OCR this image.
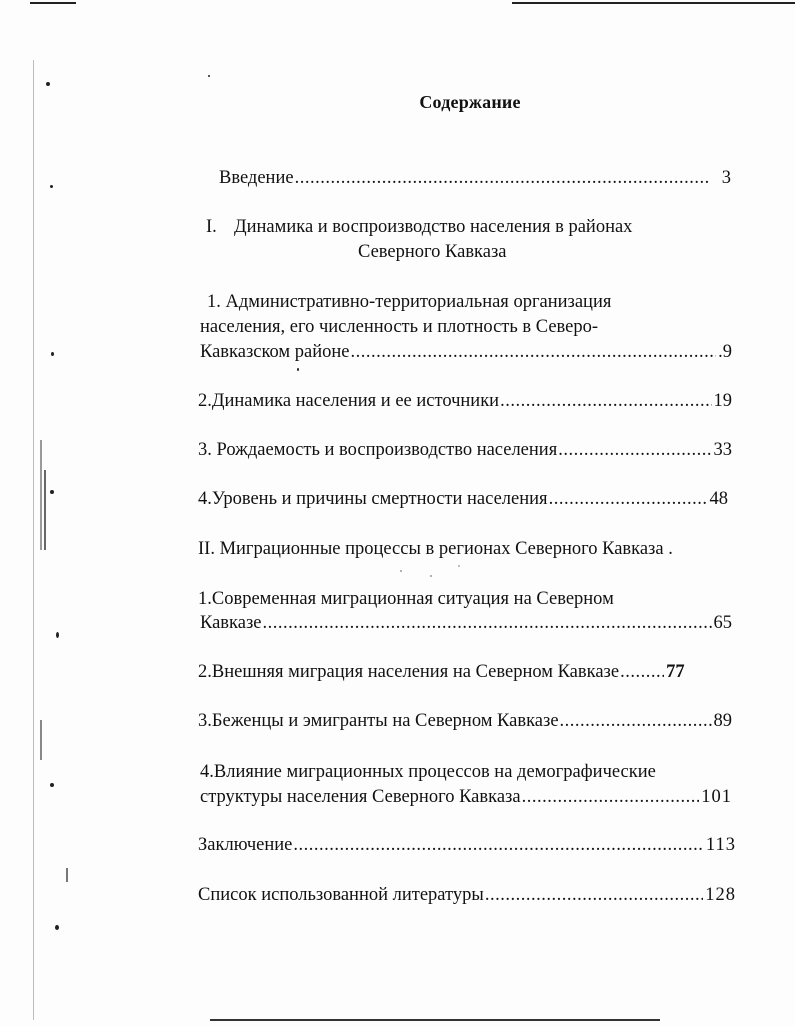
Содержание
Введение .....	3
I. Динамика и воспроизводство населения в районах
Северного Кавказа
1. Административно-территориальная организация
населения, его численность и плотность в Северо-
Кавказском районе .....	.9
2.Динамика населения и ее источники .....	19
3. Рождаемость и воспроизводство населения .....	33
4.Уровень и причины смертности населения .....	48
II. Миграционные процессы в регионах Северного Кавказа .
1.Современная миграционная ситуация на Северном
Кавказе .....	65
2.Внешняя миграция населения на Северном Кавказе .....	77
3.Беженцы и эмигранты на Северном Кавказе .....	89
4.Влияние миграционных процессов на демографические
структуры населения Северного Кавказа .....	101
Заключение .....	113
Список использованной литературы .....	128
